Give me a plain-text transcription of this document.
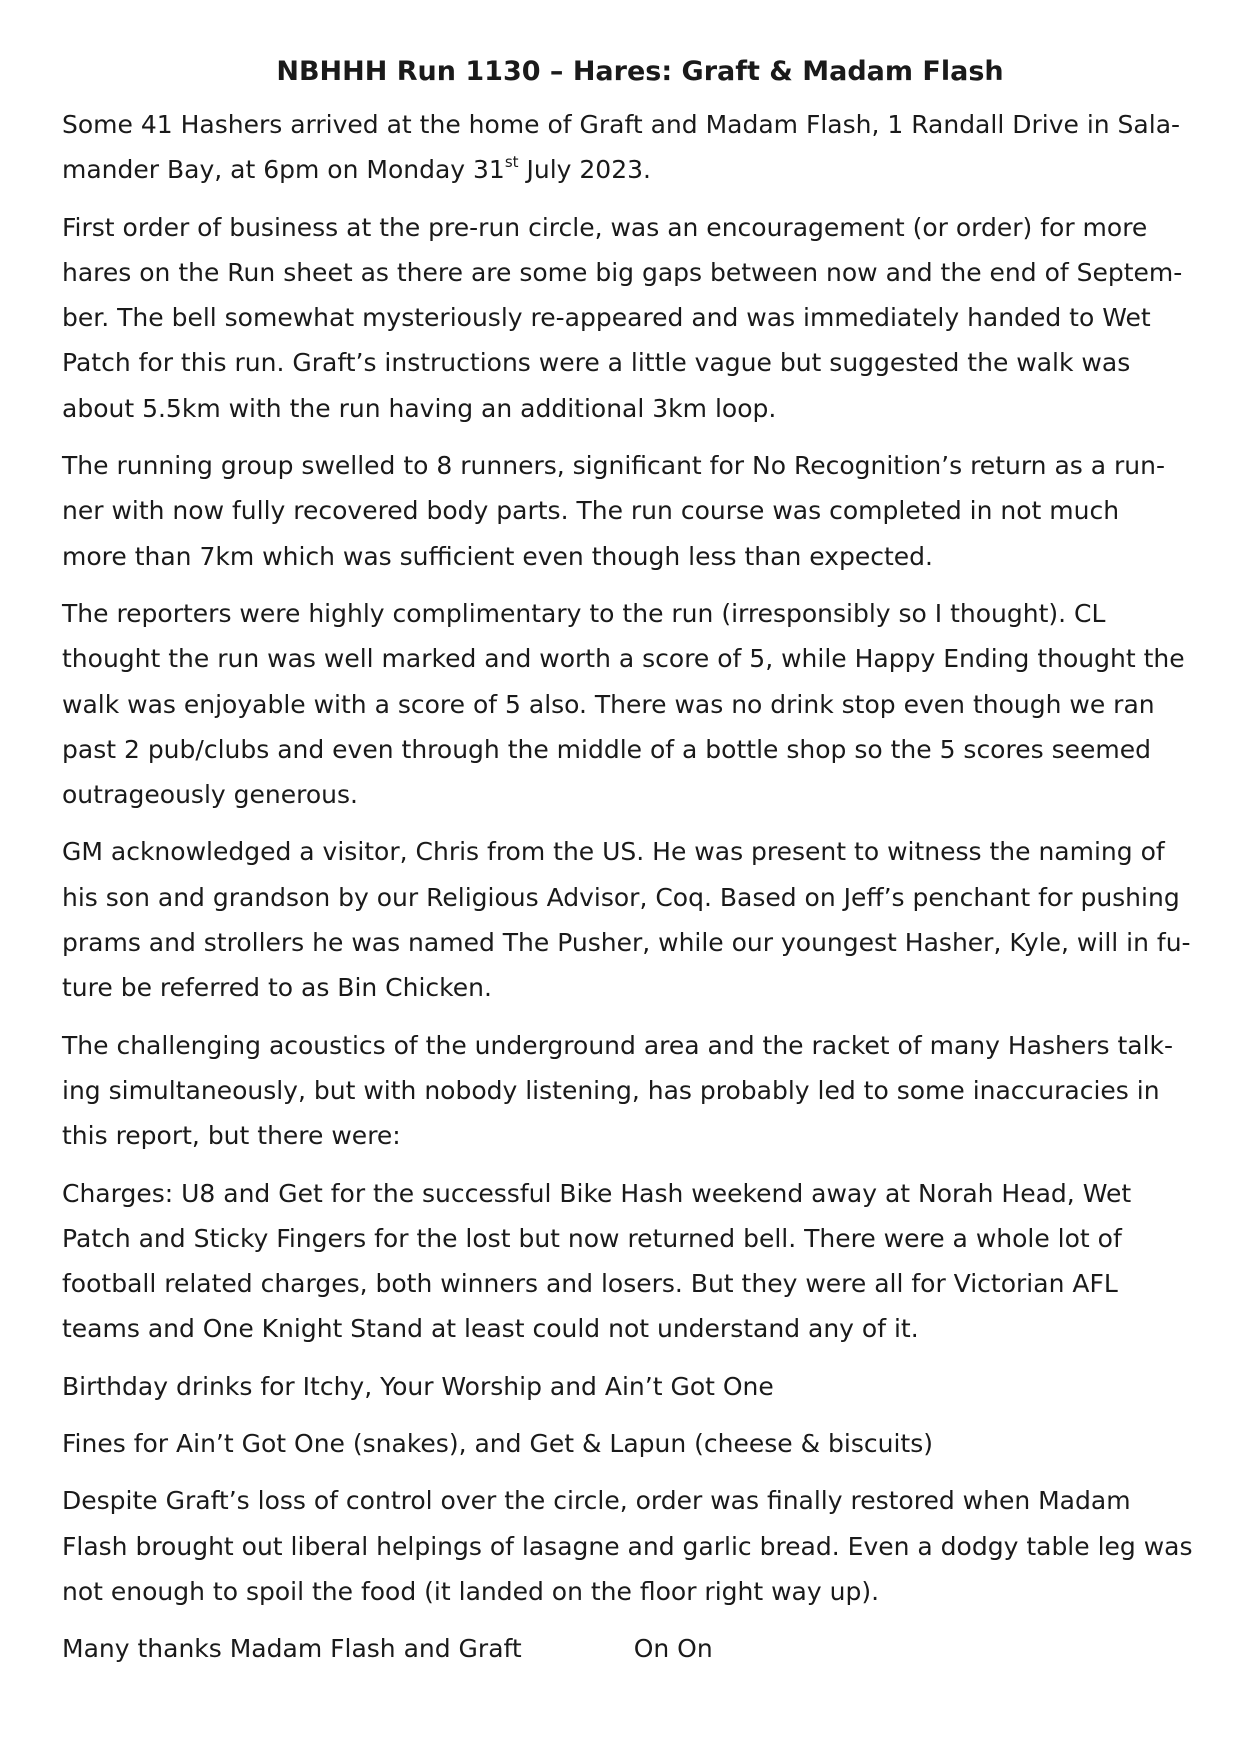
NBHHH Run 1130 – Hares: Graft & Madam Flash

Some 41 Hashers arrived at the home of Graft and Madam Flash, 1 Randall Drive in Sala-
mander Bay, at 6pm on Monday 31st July 2023.

First order of business at the pre-run circle, was an encouragement (or order) for more
hares on the Run sheet as there are some big gaps between now and the end of Septem-
ber. The bell somewhat mysteriously re-appeared and was immediately handed to Wet
Patch for this run. Graft’s instructions were a little vague but suggested the walk was
about 5.5km with the run having an additional 3km loop.

The running group swelled to 8 runners, significant for No Recognition’s return as a run-
ner with now fully recovered body parts. The run course was completed in not much
more than 7km which was sufficient even though less than expected.

The reporters were highly complimentary to the run (irresponsibly so I thought). CL
thought the run was well marked and worth a score of 5, while Happy Ending thought the
walk was enjoyable with a score of 5 also. There was no drink stop even though we ran
past 2 pub/clubs and even through the middle of a bottle shop so the 5 scores seemed
outrageously generous.

GM acknowledged a visitor, Chris from the US. He was present to witness the naming of
his son and grandson by our Religious Advisor, Coq. Based on Jeff’s penchant for pushing
prams and strollers he was named The Pusher, while our youngest Hasher, Kyle, will in fu-
ture be referred to as Bin Chicken.

The challenging acoustics of the underground area and the racket of many Hashers talk-
ing simultaneously, but with nobody listening, has probably led to some inaccuracies in
this report, but there were:

Charges: U8 and Get for the successful Bike Hash weekend away at Norah Head, Wet
Patch and Sticky Fingers for the lost but now returned bell. There were a whole lot of
football related charges, both winners and losers. But they were all for Victorian AFL
teams and One Knight Stand at least could not understand any of it.

Birthday drinks for Itchy, Your Worship and Ain’t Got One

Fines for Ain’t Got One (snakes), and Get & Lapun (cheese & biscuits)

Despite Graft’s loss of control over the circle, order was finally restored when Madam
Flash brought out liberal helpings of lasagne and garlic bread. Even a dodgy table leg was
not enough to spoil the food (it landed on the floor right way up).

Many thanks Madam Flash and Graft	On On
